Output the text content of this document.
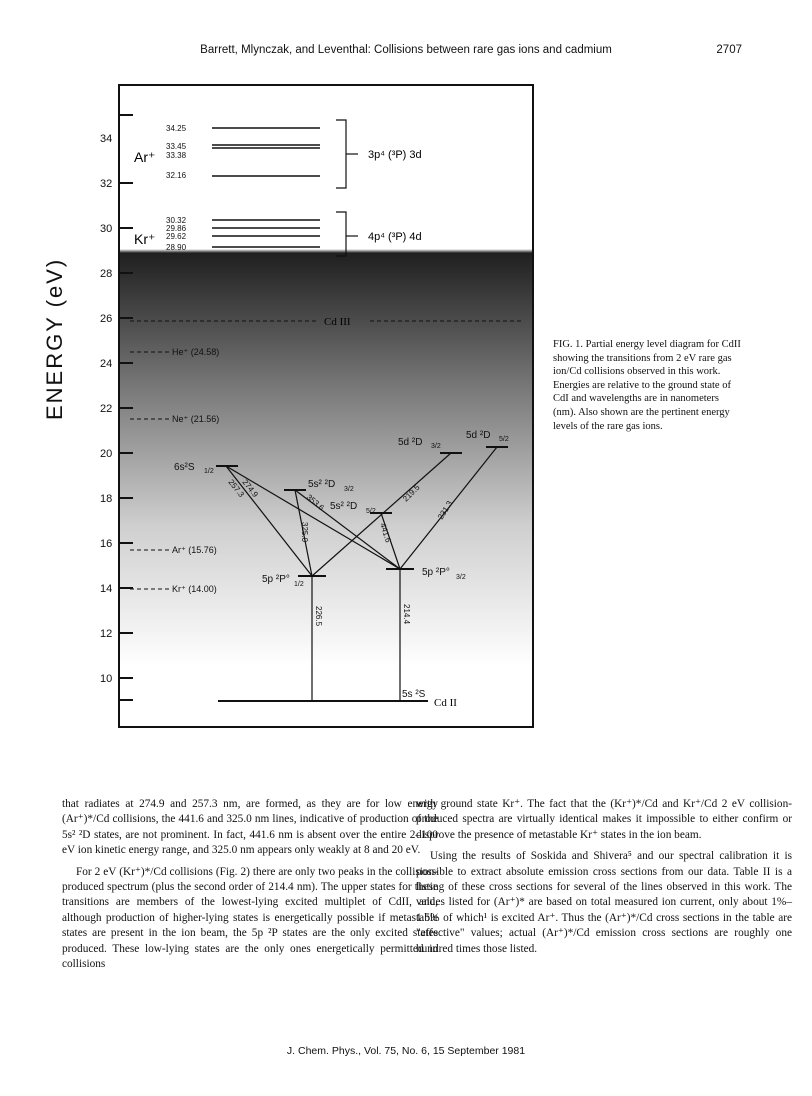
Barrett, Mlynczak, and Leventhal: Collisions between rare gas ions and cadmium	2707
ENERGY (eV)
34
32
30
28
26
24
22
20
18
16
14
12
10
34.25
33.45
33.38
32.16
Ar⁺	3p⁴ (³P) 3d
30.32
29.86
29.62
28.90
Kr⁺	4p⁴ (³P) 4d
Cd III
He⁺ (24.58)
Ne⁺ (21.56)
Ar⁺ (15.76)
Kr⁺ (14.00)
6s²S 1/2
5d ²D 3/2
5d ²D 5/2
5s² ²D 3/2
5s² ²D 5/2
5p ²P° 1/2
5p ²P° 3/2
5s ²S
Cd II
274.9
257.3
325.0
353.6
441.6
219.5
231.3
226.5	214.4
FIG. 1. Partial energy level diagram for CdII showing the transitions from 2 eV rare gas ion/Cd collisions observed in this work. Energies are relative to the ground state of CdI and wavelengths are in nanometers (nm). Also shown are the pertinent energy levels of the rare gas ions.

that radiates at 274.9 and 257.3 nm, are formed, as they are for low energy (Ar⁺)*/Cd collisions, the 441.6 and 325.0 nm lines, indicative of production of the 5s² ²D states, are not prominent. In fact, 441.6 nm is absent over the entire 2–100 eV ion kinetic energy range, and 325.0 nm appears only weakly at 8 and 20 eV.

For 2 eV (Kr⁺)*/Cd collisions (Fig. 2) there are only two peaks in the collision-produced spectrum (plus the second order of 214.4 nm). The upper states for these transitions are members of the lowest-lying excited multiplet of CdII, and, although production of higher-lying states is energetically possible if metastable states are present in the ion beam, the 5p ²P states are the only excited states produced. These low-lying states are the only ones energetically permitted in collisions

with ground state Kr⁺. The fact that the (Kr⁺)*/Cd and Kr⁺/Cd 2 eV collision-produced spectra are virtually identical makes it impossible to either confirm or disprove the presence of metastable Kr⁺ states in the ion beam.

Using the results of Soskida and Shivera⁵ and our spectral calibration it is possible to extract absolute emission cross sections from our data. Table II is a listing of these cross sections for several of the lines observed in this work. The values listed for (Ar⁺)* are based on total measured ion current, only about 1%–1.5% of which¹ is excited Ar⁺. Thus the (Ar⁺)*/Cd cross sections in the table are "effective" values; actual (Ar⁺)*/Cd emission cross sections are roughly one hundred times those listed.

J. Chem. Phys., Vol. 75, No. 6, 15 September 1981
